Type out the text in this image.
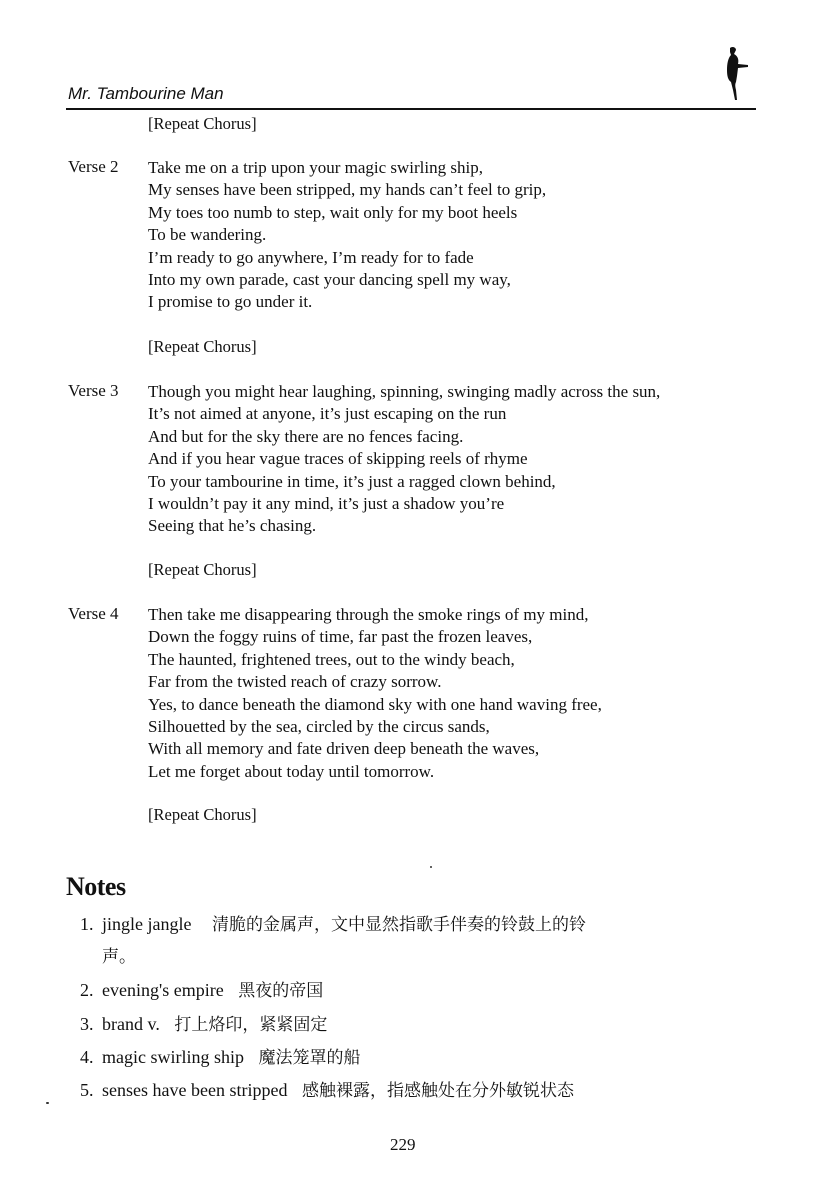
Mr. Tambourine Man
[Repeat Chorus]
Verse 2	Take me on a trip upon your magic swirling ship,
My senses have been stripped, my hands can’t feel to grip,
My toes too numb to step, wait only for my boot heels
To be wandering.
I’m ready to go anywhere, I’m ready for to fade
Into my own parade, cast your dancing spell my way,
I promise to go under it.
[Repeat Chorus]
Verse 3	Though you might hear laughing, spinning, swinging madly across the sun,
It’s not aimed at anyone, it’s just escaping on the run
And but for the sky there are no fences facing.
And if you hear vague traces of skipping reels of rhyme
To your tambourine in time, it’s just a ragged clown behind,
I wouldn’t pay it any mind, it’s just a shadow you’re
Seeing that he’s chasing.
[Repeat Chorus]
Verse 4	Then take me disappearing through the smoke rings of my mind,
Down the foggy ruins of time, far past the frozen leaves,
The haunted, frightened trees, out to the windy beach,
Far from the twisted reach of crazy sorrow.
Yes, to dance beneath the diamond sky with one hand waving free,
Silhouetted by the sea, circled by the circus sands,
With all memory and fate driven deep beneath the waves,
Let me forget about today until tomorrow.
[Repeat Chorus]
Notes
1. jingle jangle 清脆的金属声，文中显然指歌手伴奏的铃鼓上的铃
声。
2. evening's empire 黑夜的帝国
3. brand v. 打上烙印，紧紧固定
4. magic swirling ship 魔法笼罩的船
5. senses have been stripped 感触裸露，指感触处在分外敏锐状态
229
